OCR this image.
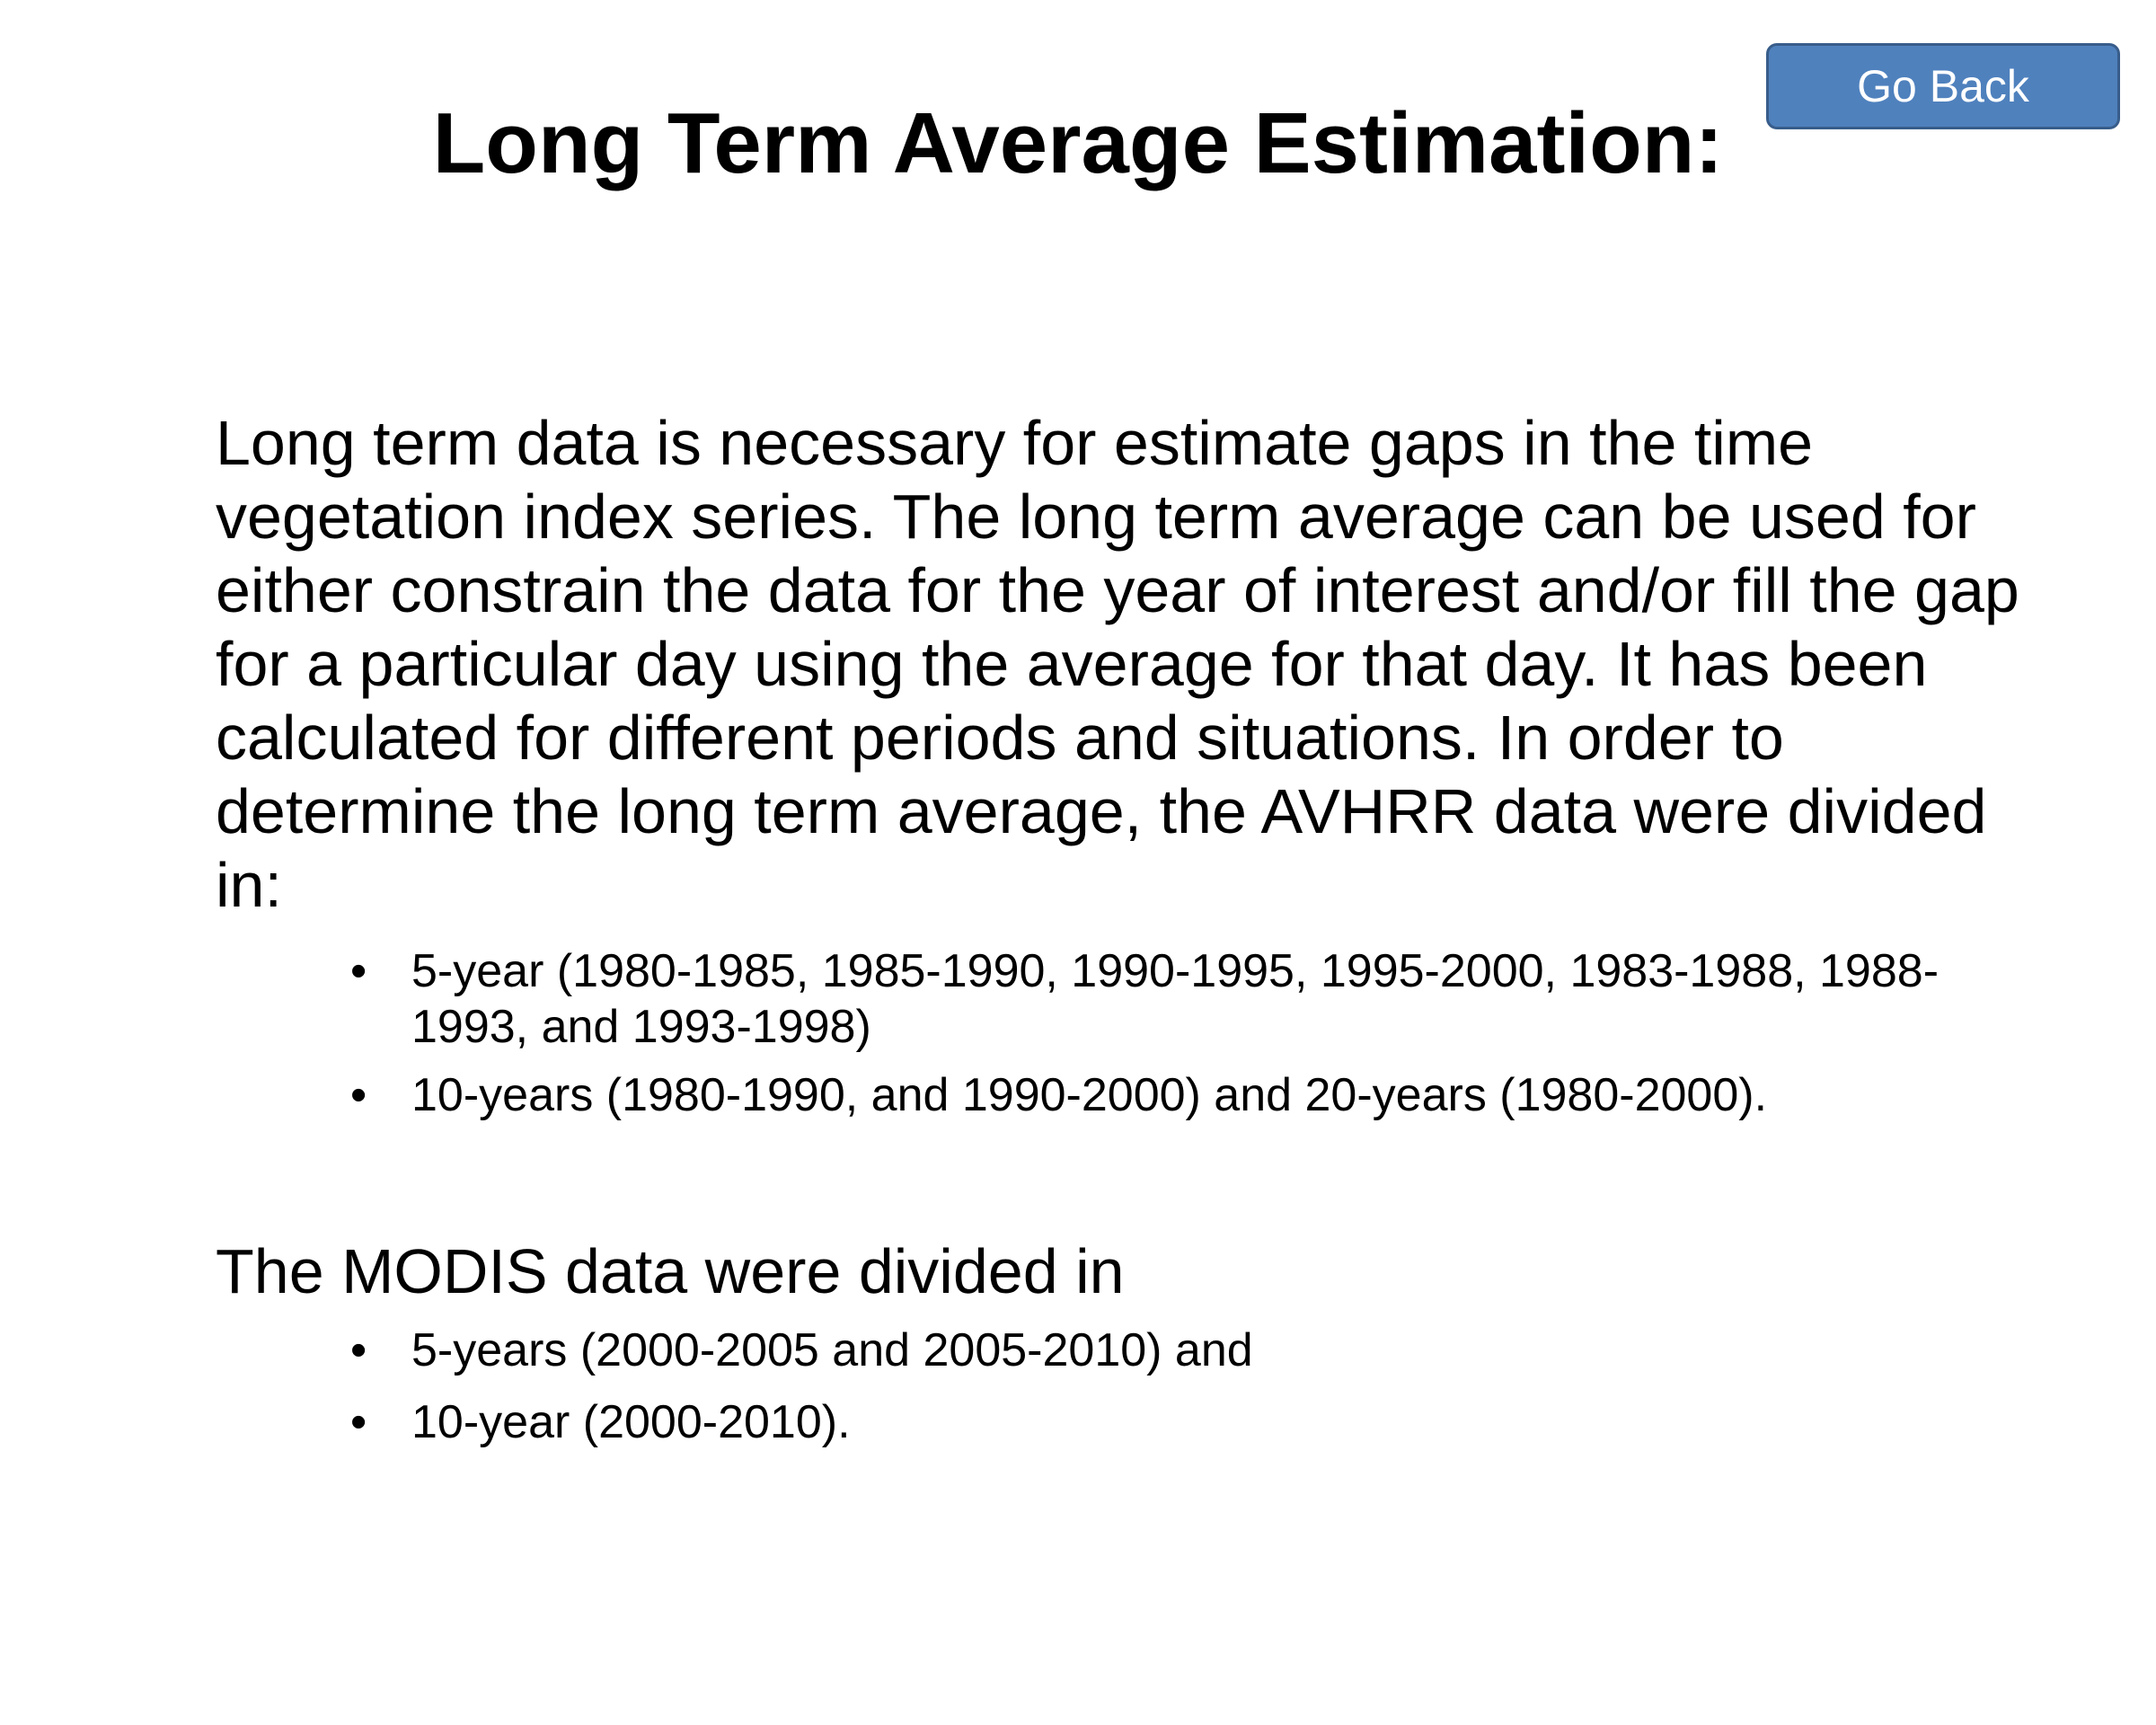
Go Back
Long Term Average Estimation:

Long term data is necessary for estimate gaps in the time vegetation index series. The long term average can be used for either constrain the data for the year of interest and/or fill the gap for a particular day using the average for that day. It has been calculated for different periods and situations. In order to determine the long term average, the AVHRR data were divided in:

• 5-year (1980-1985, 1985-1990, 1990-1995, 1995-2000, 1983-1988, 1988-1993, and 1993-1998)
• 10-years (1980-1990, and 1990-2000) and 20-years (1980-2000).

The MODIS data were divided in

• 5-years (2000-2005 and 2005-2010) and
• 10-year (2000-2010).
